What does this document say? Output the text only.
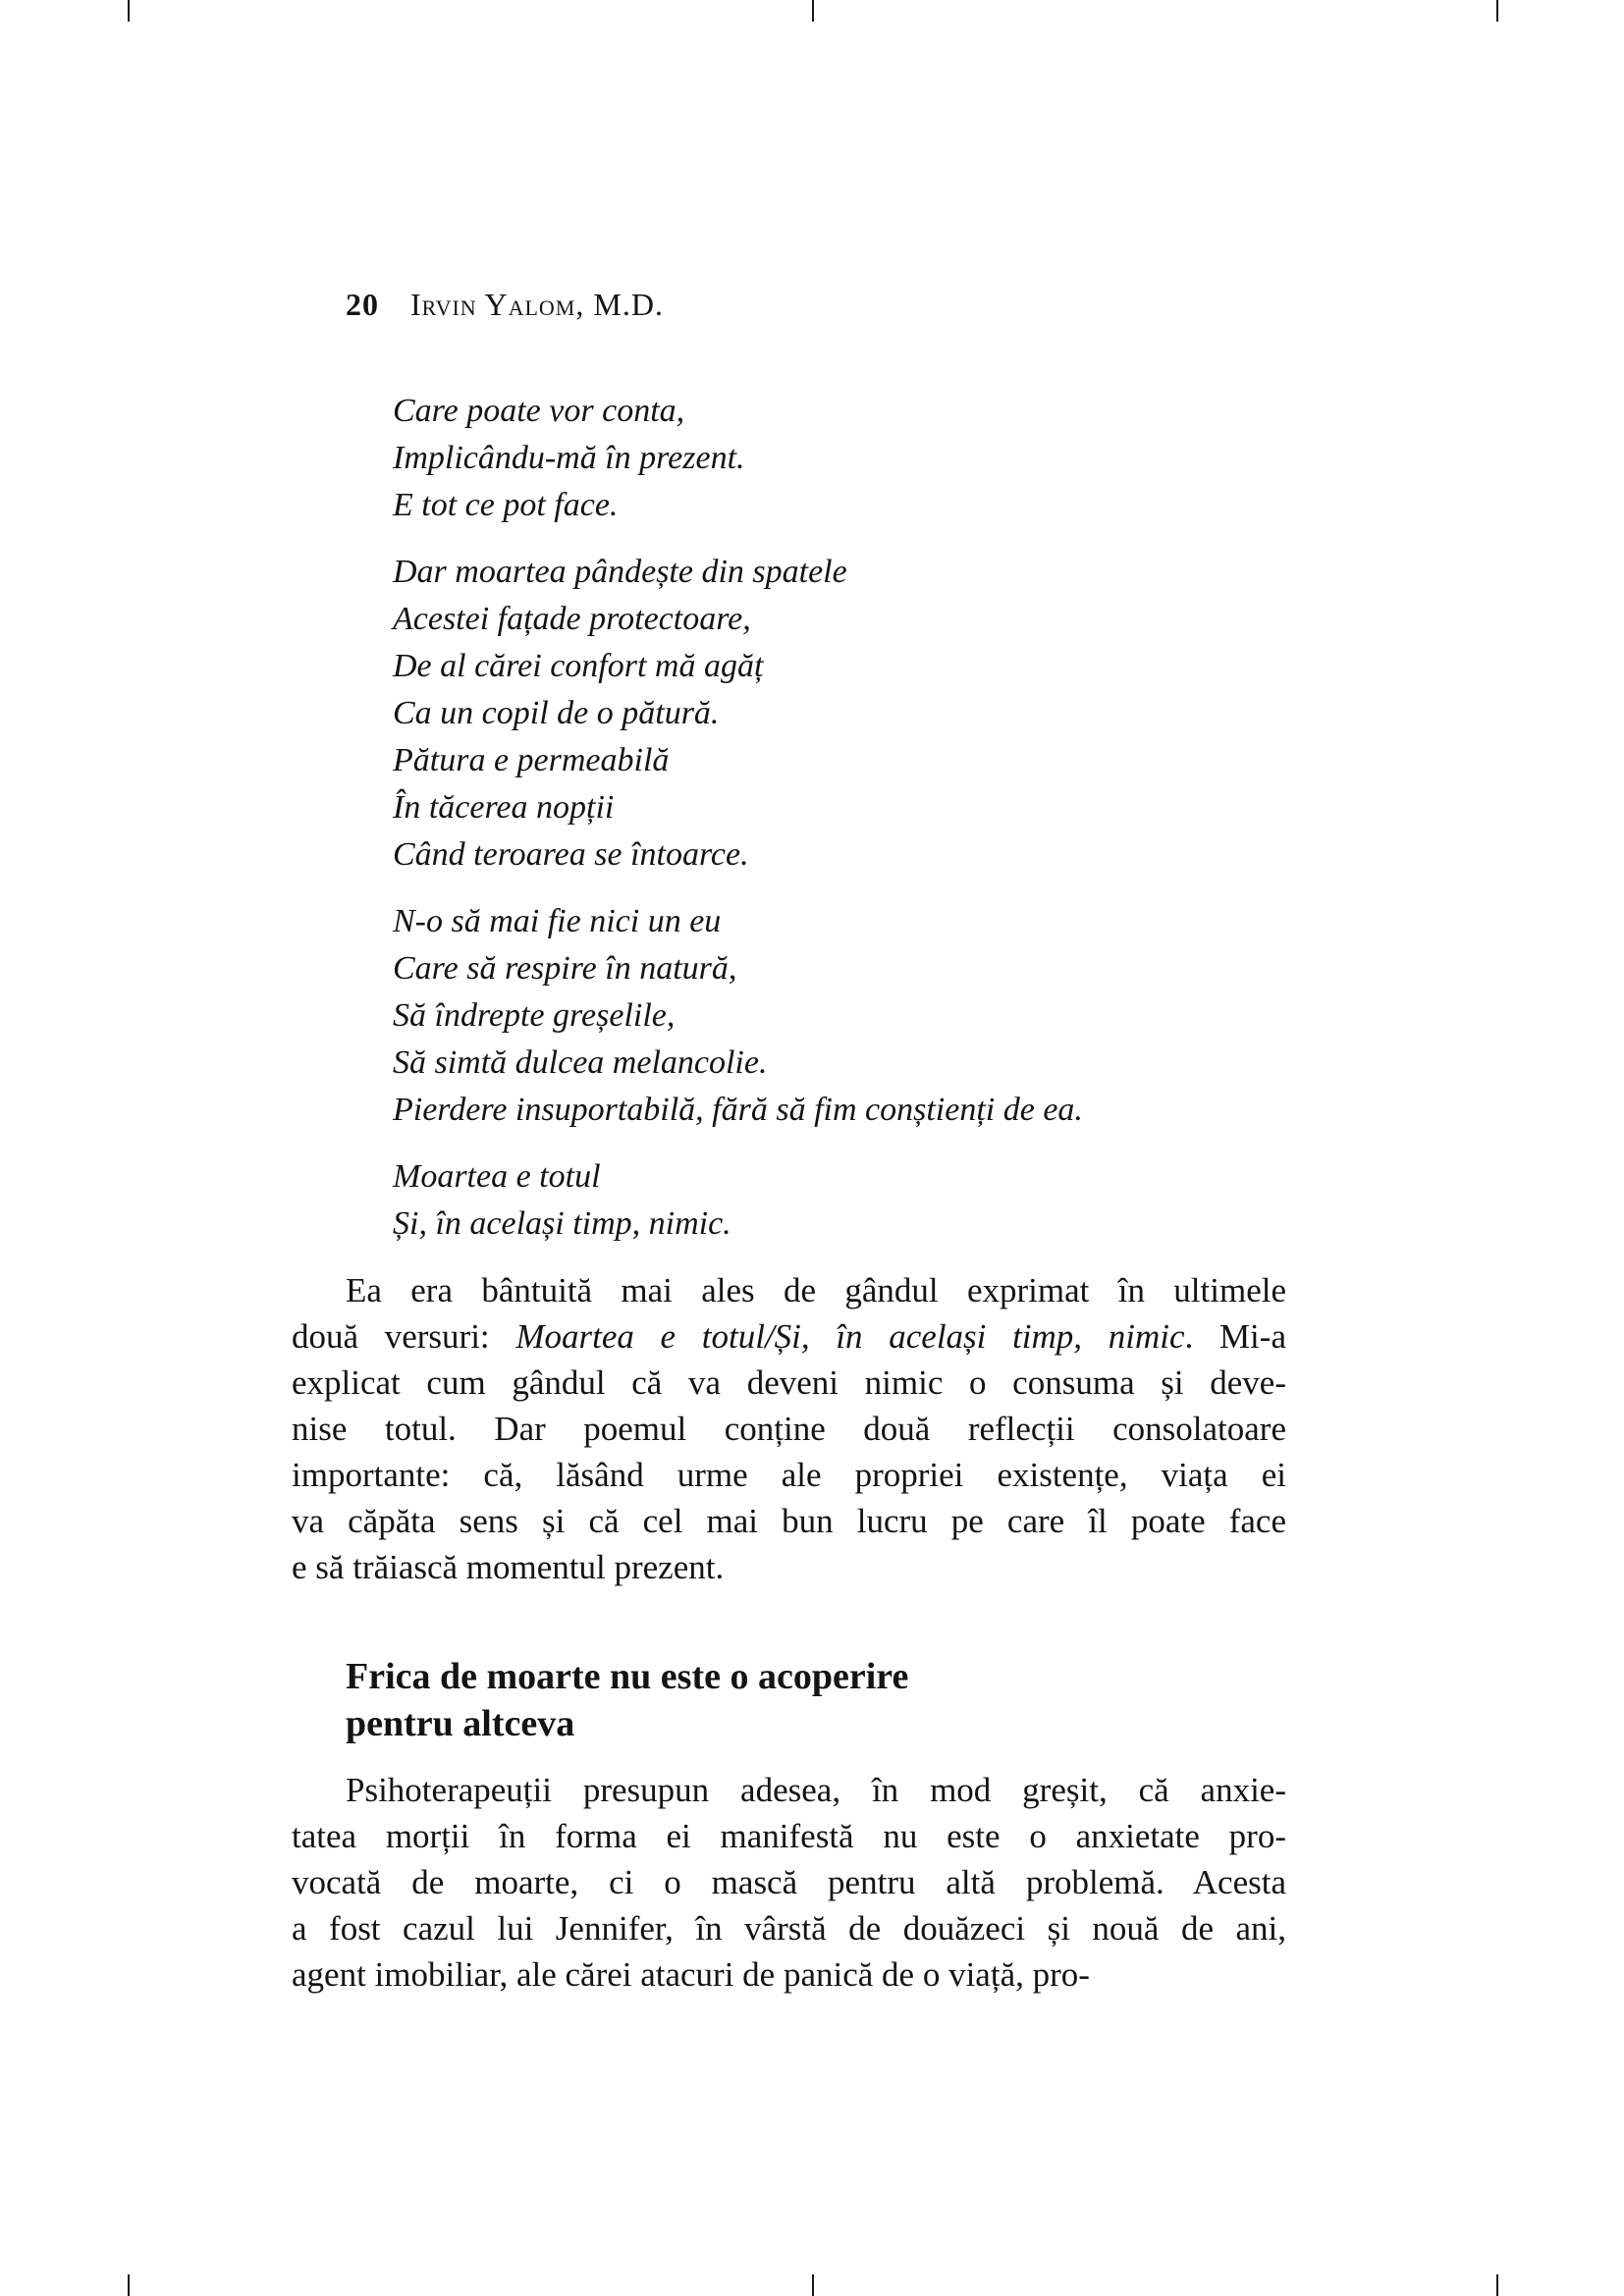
20 Irvin Yalom, M.D.
Care poate vor conta,
Implicându-mă în prezent.
E tot ce pot face.
Dar moartea pândește din spatele
Acestei fațade protectoare,
De al cărei confort mă agăț
Ca un copil de o pătură.
Pătura e permeabilă
În tăcerea nopții
Când teroarea se întoarce.
N-o să mai fie nici un eu
Care să respire în natură,
Să îndrepte greșelile,
Să simtă dulcea melancolie.
Pierdere insuportabilă, fără să fim conștienți de ea.
Moartea e totul
Și, în același timp, nimic.
Ea era bântuită mai ales de gândul exprimat în ultimele
două versuri: Moartea e totul/Și, în același timp, nimic. Mi-a
explicat cum gândul că va deveni nimic o consuma și deve-
nise totul. Dar poemul conține două reflecții consolatoare
importante: că, lăsând urme ale propriei existențe, viața ei
va căpăta sens și că cel mai bun lucru pe care îl poate face
e să trăiască momentul prezent.
Frica de moarte nu este o acoperire
pentru altceva
Psihoterapeuții presupun adesea, în mod greșit, că anxie-
tatea morții în forma ei manifestă nu este o anxietate pro-
vocată de moarte, ci o mască pentru altă problemă. Acesta
a fost cazul lui Jennifer, în vârstă de douăzeci și nouă de ani,
agent imobiliar, ale cărei atacuri de panică de o viață, pro-
